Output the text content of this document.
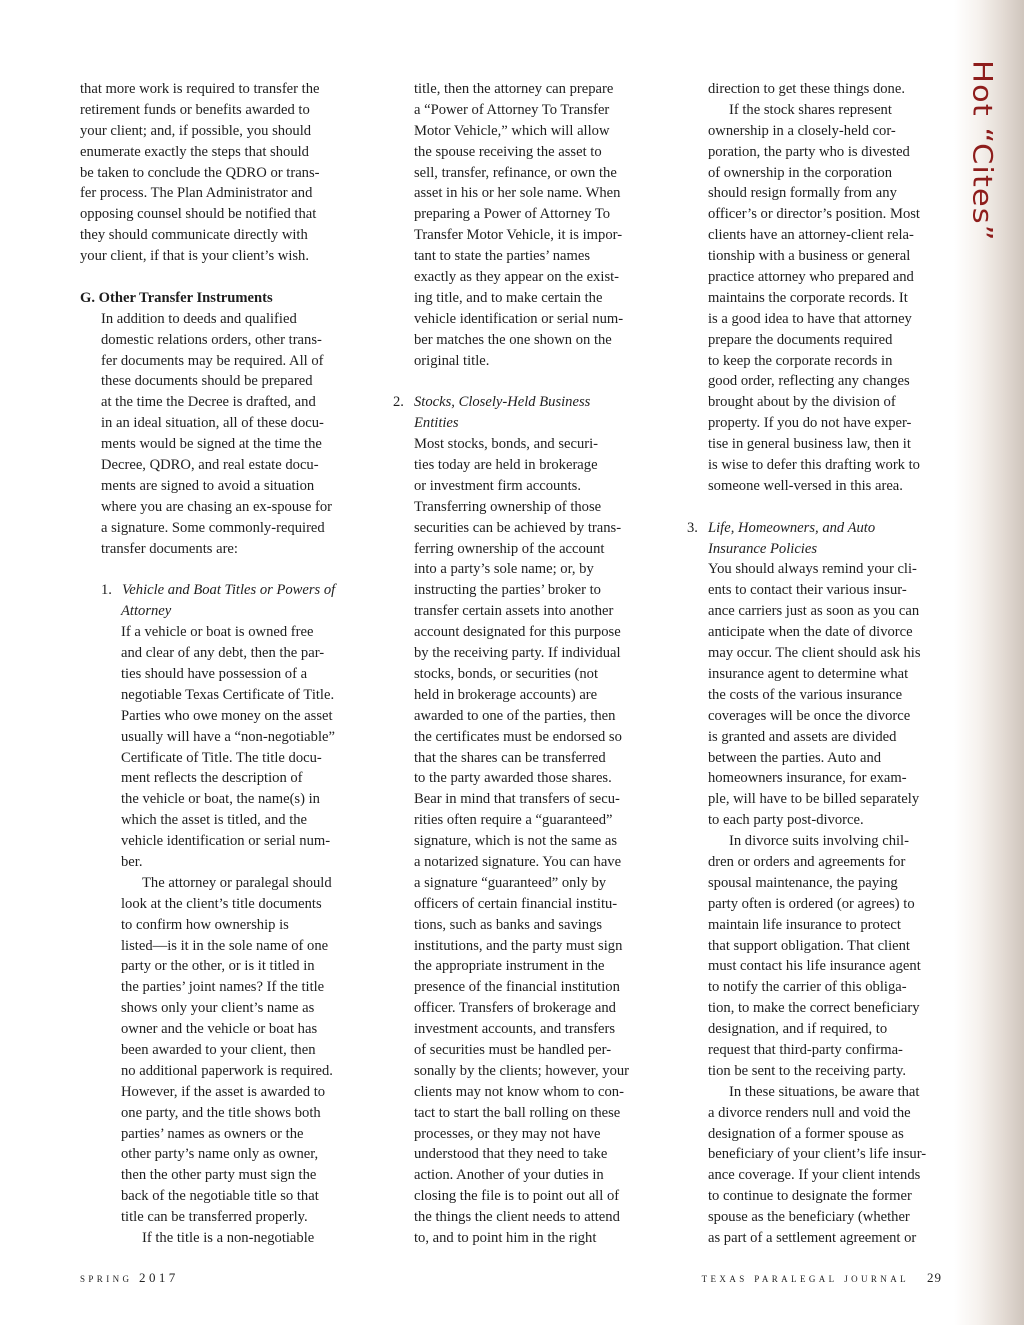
Hot “Cites”
that more work is required to transfer the
retirement funds or benefits awarded to
your client; and, if possible, you should
enumerate exactly the steps that should
be taken to conclude the QDRO or trans-
fer process. The Plan Administrator and
opposing counsel should be notified that
they should communicate directly with
your client, if that is your client’s wish.
G. Other Transfer Instruments
In addition to deeds and qualified
domestic relations orders, other trans-
fer documents may be required. All of
these documents should be prepared
at the time the Decree is drafted, and
in an ideal situation, all of these docu-
ments would be signed at the time the
Decree, QDRO, and real estate docu-
ments are signed to avoid a situation
where you are chasing an ex-spouse for
a signature. Some commonly-required
transfer documents are:
1. Vehicle and Boat Titles or Powers of
Attorney
If a vehicle or boat is owned free
and clear of any debt, then the par-
ties should have possession of a
negotiable Texas Certificate of Title.
Parties who owe money on the asset
usually will have a “non-negotiable”
Certificate of Title. The title docu-
ment reflects the description of
the vehicle or boat, the name(s) in
which the asset is titled, and the
vehicle identification or serial num-
ber.
The attorney or paralegal should
look at the client’s title documents
to confirm how ownership is
listed—is it in the sole name of one
party or the other, or is it titled in
the parties’ joint names? If the title
shows only your client’s name as
owner and the vehicle or boat has
been awarded to your client, then
no additional paperwork is required.
However, if the asset is awarded to
one party, and the title shows both
parties’ names as owners or the
other party’s name only as owner,
then the other party must sign the
back of the negotiable title so that
title can be transferred properly.
If the title is a non-negotiable
title, then the attorney can prepare
a “Power of Attorney To Transfer
Motor Vehicle,” which will allow
the spouse receiving the asset to
sell, transfer, refinance, or own the
asset in his or her sole name. When
preparing a Power of Attorney To
Transfer Motor Vehicle, it is impor-
tant to state the parties’ names
exactly as they appear on the exist-
ing title, and to make certain the
vehicle identification or serial num-
ber matches the one shown on the
original title.
2. Stocks, Closely-Held Business
Entities
Most stocks, bonds, and securi-
ties today are held in brokerage
or investment firm accounts.
Transferring ownership of those
securities can be achieved by trans-
ferring ownership of the account
into a party’s sole name; or, by
instructing the parties’ broker to
transfer certain assets into another
account designated for this purpose
by the receiving party. If individual
stocks, bonds, or securities (not
held in brokerage accounts) are
awarded to one of the parties, then
the certificates must be endorsed so
that the shares can be transferred
to the party awarded those shares.
Bear in mind that transfers of secu-
rities often require a “guaranteed”
signature, which is not the same as
a notarized signature. You can have
a signature “guaranteed” only by
officers of certain financial institu-
tions, such as banks and savings
institutions, and the party must sign
the appropriate instrument in the
presence of the financial institution
officer. Transfers of brokerage and
investment accounts, and transfers
of securities must be handled per-
sonally by the clients; however, your
clients may not know whom to con-
tact to start the ball rolling on these
processes, or they may not have
understood that they need to take
action. Another of your duties in
closing the file is to point out all of
the things the client needs to attend
to, and to point him in the right
direction to get these things done.
If the stock shares represent
ownership in a closely-held cor-
poration, the party who is divested
of ownership in the corporation
should resign formally from any
officer’s or director’s position. Most
clients have an attorney-client rela-
tionship with a business or general
practice attorney who prepared and
maintains the corporate records. It
is a good idea to have that attorney
prepare the documents required
to keep the corporate records in
good order, reflecting any changes
brought about by the division of
property. If you do not have exper-
tise in general business law, then it
is wise to defer this drafting work to
someone well-versed in this area.
3. Life, Homeowners, and Auto
Insurance Policies
You should always remind your cli-
ents to contact their various insur-
ance carriers just as soon as you can
anticipate when the date of divorce
may occur. The client should ask his
insurance agent to determine what
the costs of the various insurance
coverages will be once the divorce
is granted and assets are divided
between the parties. Auto and
homeowners insurance, for exam-
ple, will have to be billed separately
to each party post-divorce.
In divorce suits involving chil-
dren or orders and agreements for
spousal maintenance, the paying
party often is ordered (or agrees) to
maintain life insurance to protect
that support obligation. That client
must contact his life insurance agent
to notify the carrier of this obliga-
tion, to make the correct beneficiary
designation, and if required, to
request that third-party confirma-
tion be sent to the receiving party.
In these situations, be aware that
a divorce renders null and void the
designation of a former spouse as
beneficiary of your client’s life insur-
ance coverage. If your client intends
to continue to designate the former
spouse as the beneficiary (whether
as part of a settlement agreement or
spring 2017	texas paralegal journal 29
